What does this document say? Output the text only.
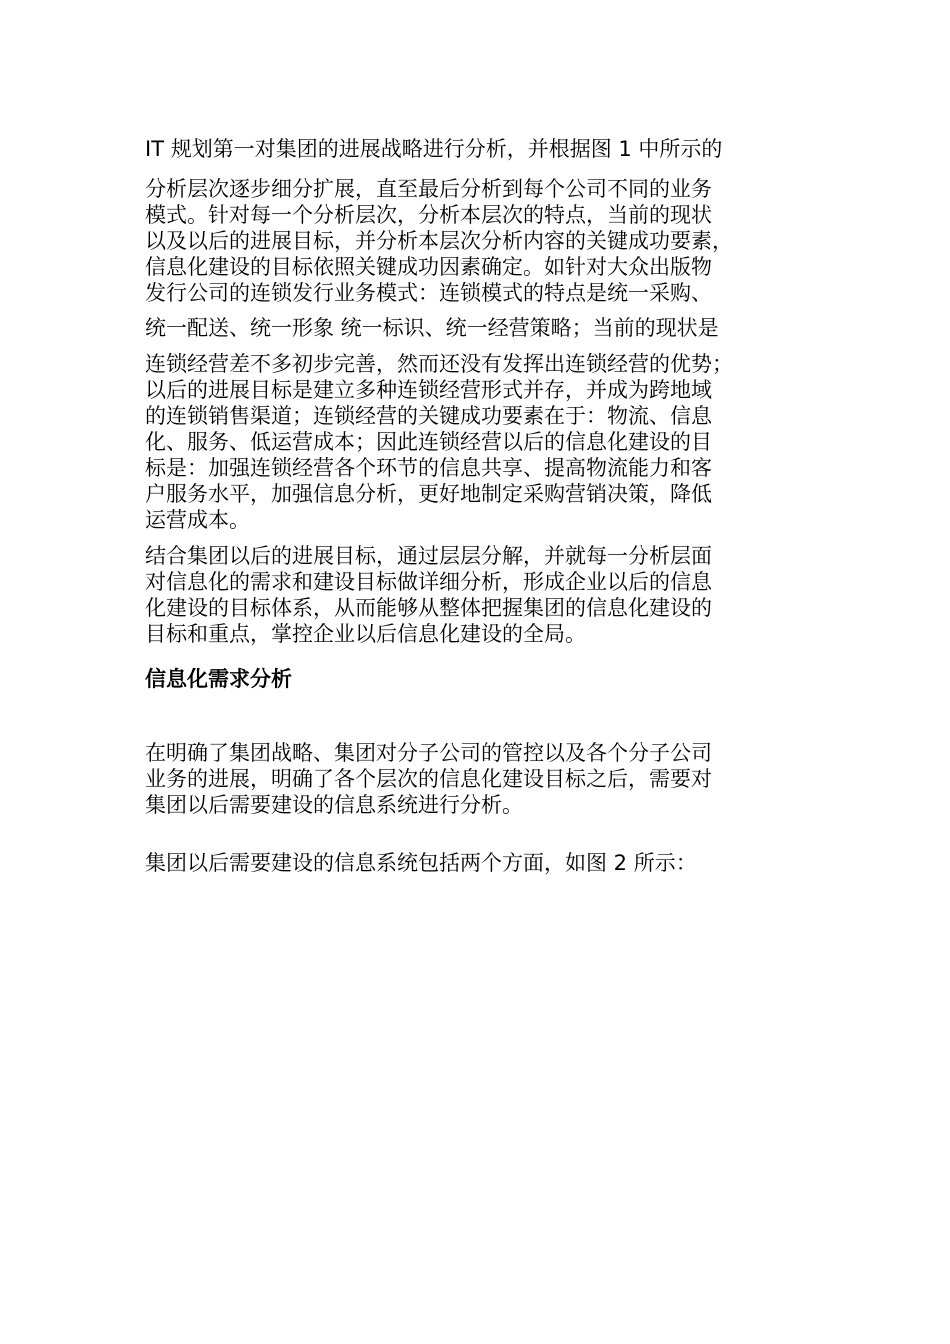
IT 规划第一对集团的进展战略进行分析，并根据图 1 中所示的

分析层次逐步细分扩展，直至最后分析到每个公司不同的业务

模式。针对每一个分析层次，分析本层次的特点，当前的现状

以及以后的进展目标，并分析本层次分析内容的关键成功要素，

信息化建设的目标依照关键成功因素确定。如针对大众出版物

发行公司的连锁发行业务模式：连锁模式的特点是统一采购、

统一配送、统一形象 统一标识、统一经营策略；当前的现状是

连锁经营差不多初步完善，然而还没有发挥出连锁经营的优势；

以后的进展目标是建立多种连锁经营形式并存，并成为跨地域

的连锁销售渠道；连锁经营的关键成功要素在于：物流、信息

化、服务、低运营成本；因此连锁经营以后的信息化建设的目

标是：加强连锁经营各个环节的信息共享、提高物流能力和客

户服务水平，加强信息分析，更好地制定采购营销决策，降低

运营成本。

结合集团以后的进展目标，通过层层分解，并就每一分析层面

对信息化的需求和建设目标做详细分析，形成企业以后的信息

化建设的目标体系，从而能够从整体把握集团的信息化建设的

目标和重点，掌控企业以后信息化建设的全局。

信息化需求分析

在明确了集团战略、集团对分子公司的管控以及各个分子公司

业务的进展，明确了各个层次的信息化建设目标之后，需要对

集团以后需要建设的信息系统进行分析。

集团以后需要建设的信息系统包括两个方面，如图 2 所示：
